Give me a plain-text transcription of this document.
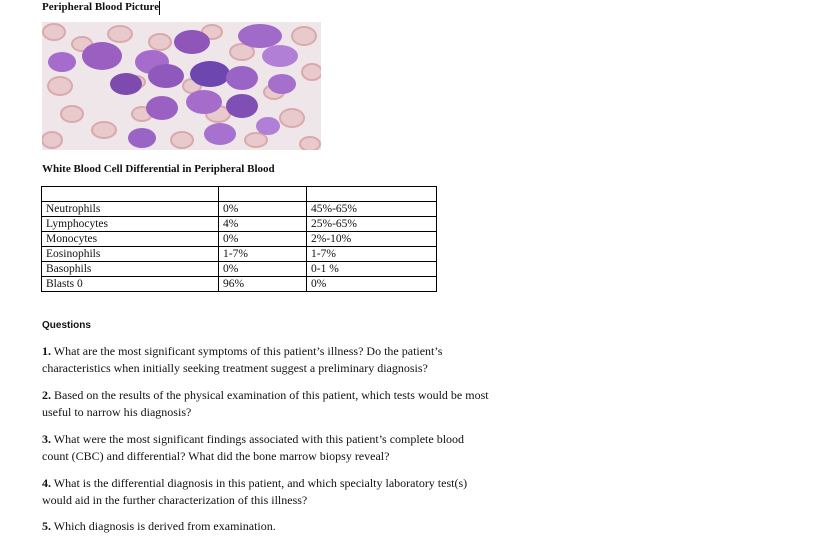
Peripheral Blood Picture
White Blood Cell Differential in Peripheral Blood

Neutrophils	0%	45%-65%
Lymphocytes	4%	25%-65%
Monocytes	0%	2%-10%
Eosinophils	1-7%	1-7%
Basophils	0%	0-1 %
Blasts 0	96%	0%
Questions
1. What are the most significant symptoms of this patient’s illness? Do the patient’s characteristics when initially seeking treatment suggest a preliminary diagnosis?
2. Based on the results of the physical examination of this patient, which tests would be most useful to narrow his diagnosis?
3. What were the most significant findings associated with this patient’s complete blood count (CBC) and differential? What did the bone marrow biopsy reveal?
4. What is the differential diagnosis in this patient, and which specialty laboratory test(s) would aid in the further characterization of this illness?
5. Which diagnosis is derived from examination.
